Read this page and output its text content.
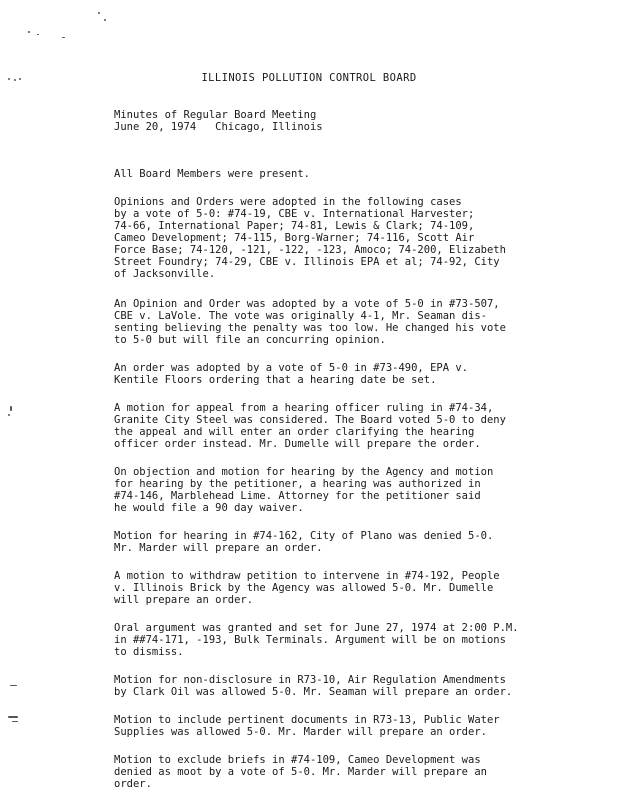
ILLINOIS POLLUTION CONTROL BOARD
Minutes of Regular Board Meeting
June 20, 1974   Chicago, Illinois

All Board Members were present.

Opinions and Orders were adopted in the following cases
by a vote of 5-0: #74-19, CBE v. International Harvester;
74-66, International Paper; 74-81, Lewis & Clark; 74-109,
Cameo Development; 74-115, Borg-Warner; 74-116, Scott Air
Force Base; 74-120, -121, -122, -123, Amoco; 74-200, Elizabeth
Street Foundry; 74-29, CBE v. Illinois EPA et al; 74-92, City
of Jacksonville.

An Opinion and Order was adopted by a vote of 5-0 in #73-507,
CBE v. LaVole. The vote was originally 4-1, Mr. Seaman dis-
senting believing the penalty was too low. He changed his vote
to 5-0 but will file an concurring opinion.

An order was adopted by a vote of 5-0 in #73-490, EPA v.
Kentile Floors ordering that a hearing date be set.

A motion for appeal from a hearing officer ruling in #74-34,
Granite City Steel was considered. The Board voted 5-0 to deny
the appeal and will enter an order clarifying the hearing
officer order instead. Mr. Dumelle will prepare the order.

On objection and motion for hearing by the Agency and motion
for hearing by the petitioner, a hearing was authorized in
#74-146, Marblehead Lime. Attorney for the petitioner said
he would file a 90 day waiver.

Motion for hearing in #74-162, City of Plano was denied 5-0.
Mr. Marder will prepare an order.

A motion to withdraw petition to intervene in #74-192, People
v. Illinois Brick by the Agency was allowed 5-0. Mr. Dumelle
will prepare an order.

Oral argument was granted and set for June 27, 1974 at 2:00 P.M.
in ##74-171, -193, Bulk Terminals. Argument will be on motions
to dismiss.

Motion for non-disclosure in R73-10, Air Regulation Amendments
by Clark Oil was allowed 5-0. Mr. Seaman will prepare an order.

Motion to include pertinent documents in R73-13, Public Water
Supplies was allowed 5-0. Mr. Marder will prepare an order.

Motion to exclude briefs in #74-109, Cameo Development was
denied as moot by a vote of 5-0. Mr. Marder will prepare an
order.
